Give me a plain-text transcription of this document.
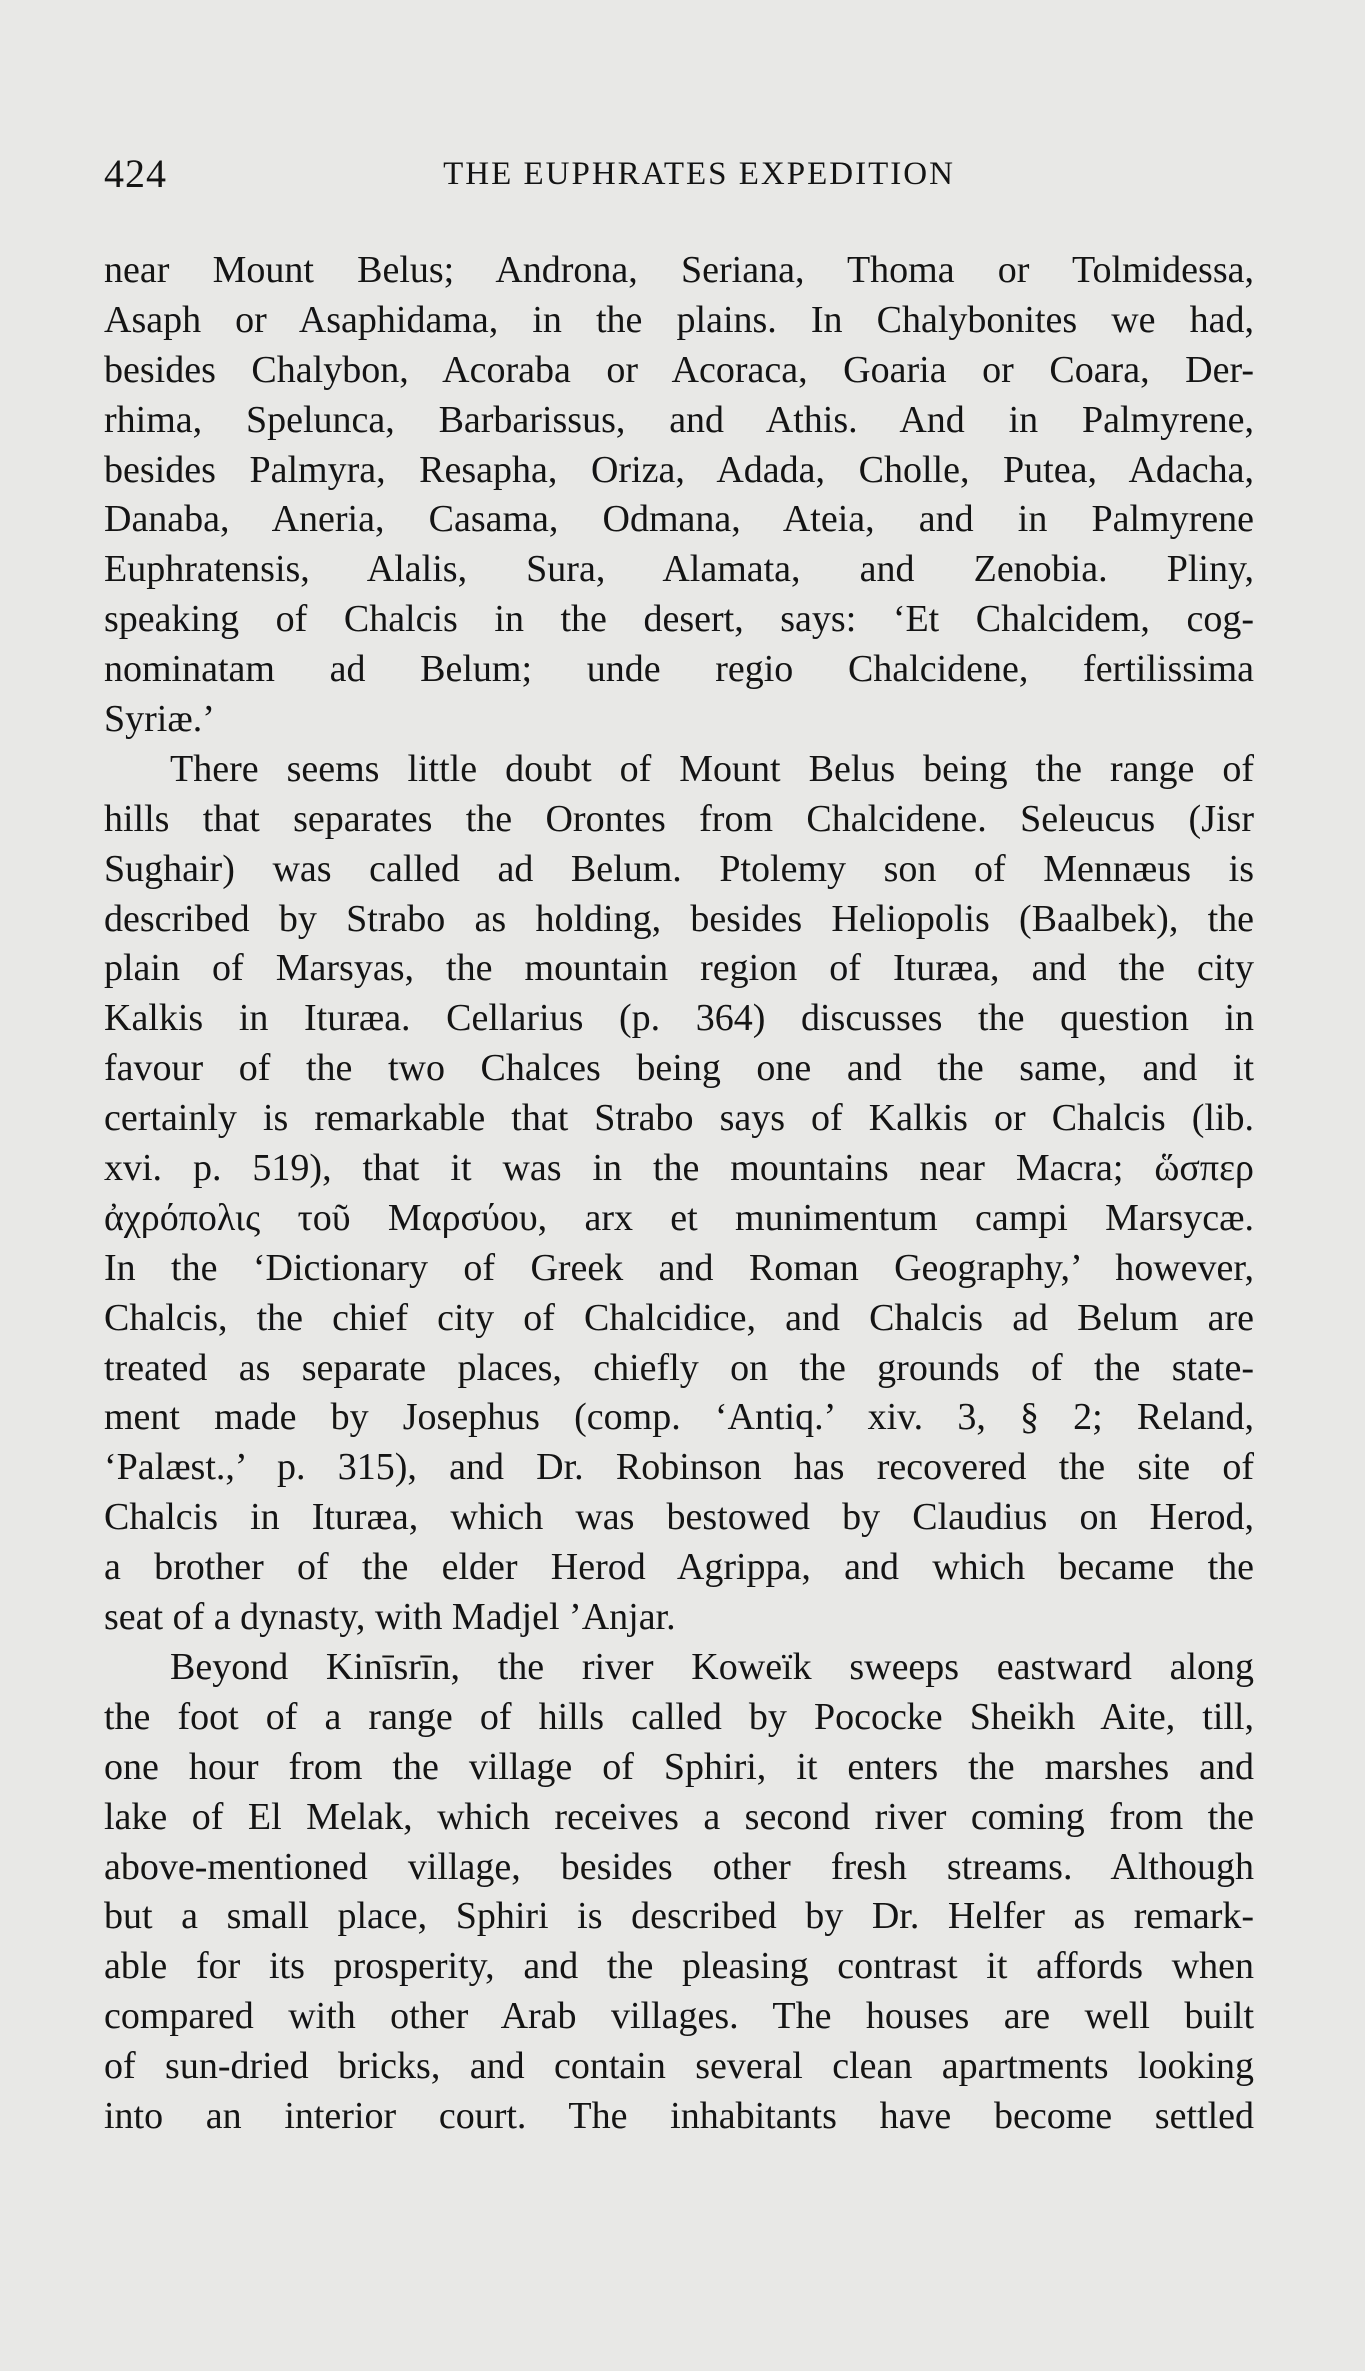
424	THE EUPHRATES EXPEDITION
near Mount Belus; Androna, Seriana, Thoma or Tolmidessa,
Asaph or Asaphidama, in the plains. In Chalybonites we had,
besides Chalybon, Acoraba or Acoraca, Goaria or Coara, Der-
rhima, Spelunca, Barbarissus, and Athis. And in Palmyrene,
besides Palmyra, Resapha, Oriza, Adada, Cholle, Putea, Adacha,
Danaba, Aneria, Casama, Odmana, Ateia, and in Palmyrene
Euphratensis, Alalis, Sura, Alamata, and Zenobia. Pliny,
speaking of Chalcis in the desert, says: ‘Et Chalcidem, cog-
nominatam ad Belum; unde regio Chalcidene, fertilissima
Syriæ.’
There seems little doubt of Mount Belus being the range of
hills that separates the Orontes from Chalcidene. Seleucus (Jisr
Sughair) was called ad Belum. Ptolemy son of Mennæus is
described by Strabo as holding, besides Heliopolis (Baalbek), the
plain of Marsyas, the mountain region of Ituræa, and the city
Kalkis in Ituræa. Cellarius (p. 364) discusses the question in
favour of the two Chalces being one and the same, and it
certainly is remarkable that Strabo says of Kalkis or Chalcis (lib.
xvi. p. 519), that it was in the mountains near Macra; ὥσπερ
ἀχρόπολις τοῦ Μαρσύου, arx et munimentum campi Marsycæ.
In the ‘Dictionary of Greek and Roman Geography,’ however,
Chalcis, the chief city of Chalcidice, and Chalcis ad Belum are
treated as separate places, chiefly on the grounds of the state-
ment made by Josephus (comp. ‘Antiq.’ xiv. 3, § 2; Reland,
‘Palæst.,’ p. 315), and Dr. Robinson has recovered the site of
Chalcis in Ituræa, which was bestowed by Claudius on Herod,
a brother of the elder Herod Agrippa, and which became the
seat of a dynasty, with Madjel ’Anjar.
Beyond Kinīsrīn, the river Koweïk sweeps eastward along
the foot of a range of hills called by Pococke Sheikh Aite, till,
one hour from the village of Sphiri, it enters the marshes and
lake of El Melak, which receives a second river coming from the
above-mentioned village, besides other fresh streams. Although
but a small place, Sphiri is described by Dr. Helfer as remark-
able for its prosperity, and the pleasing contrast it affords when
compared with other Arab villages. The houses are well built
of sun-dried bricks, and contain several clean apartments looking
into an interior court. The inhabitants have become settled
